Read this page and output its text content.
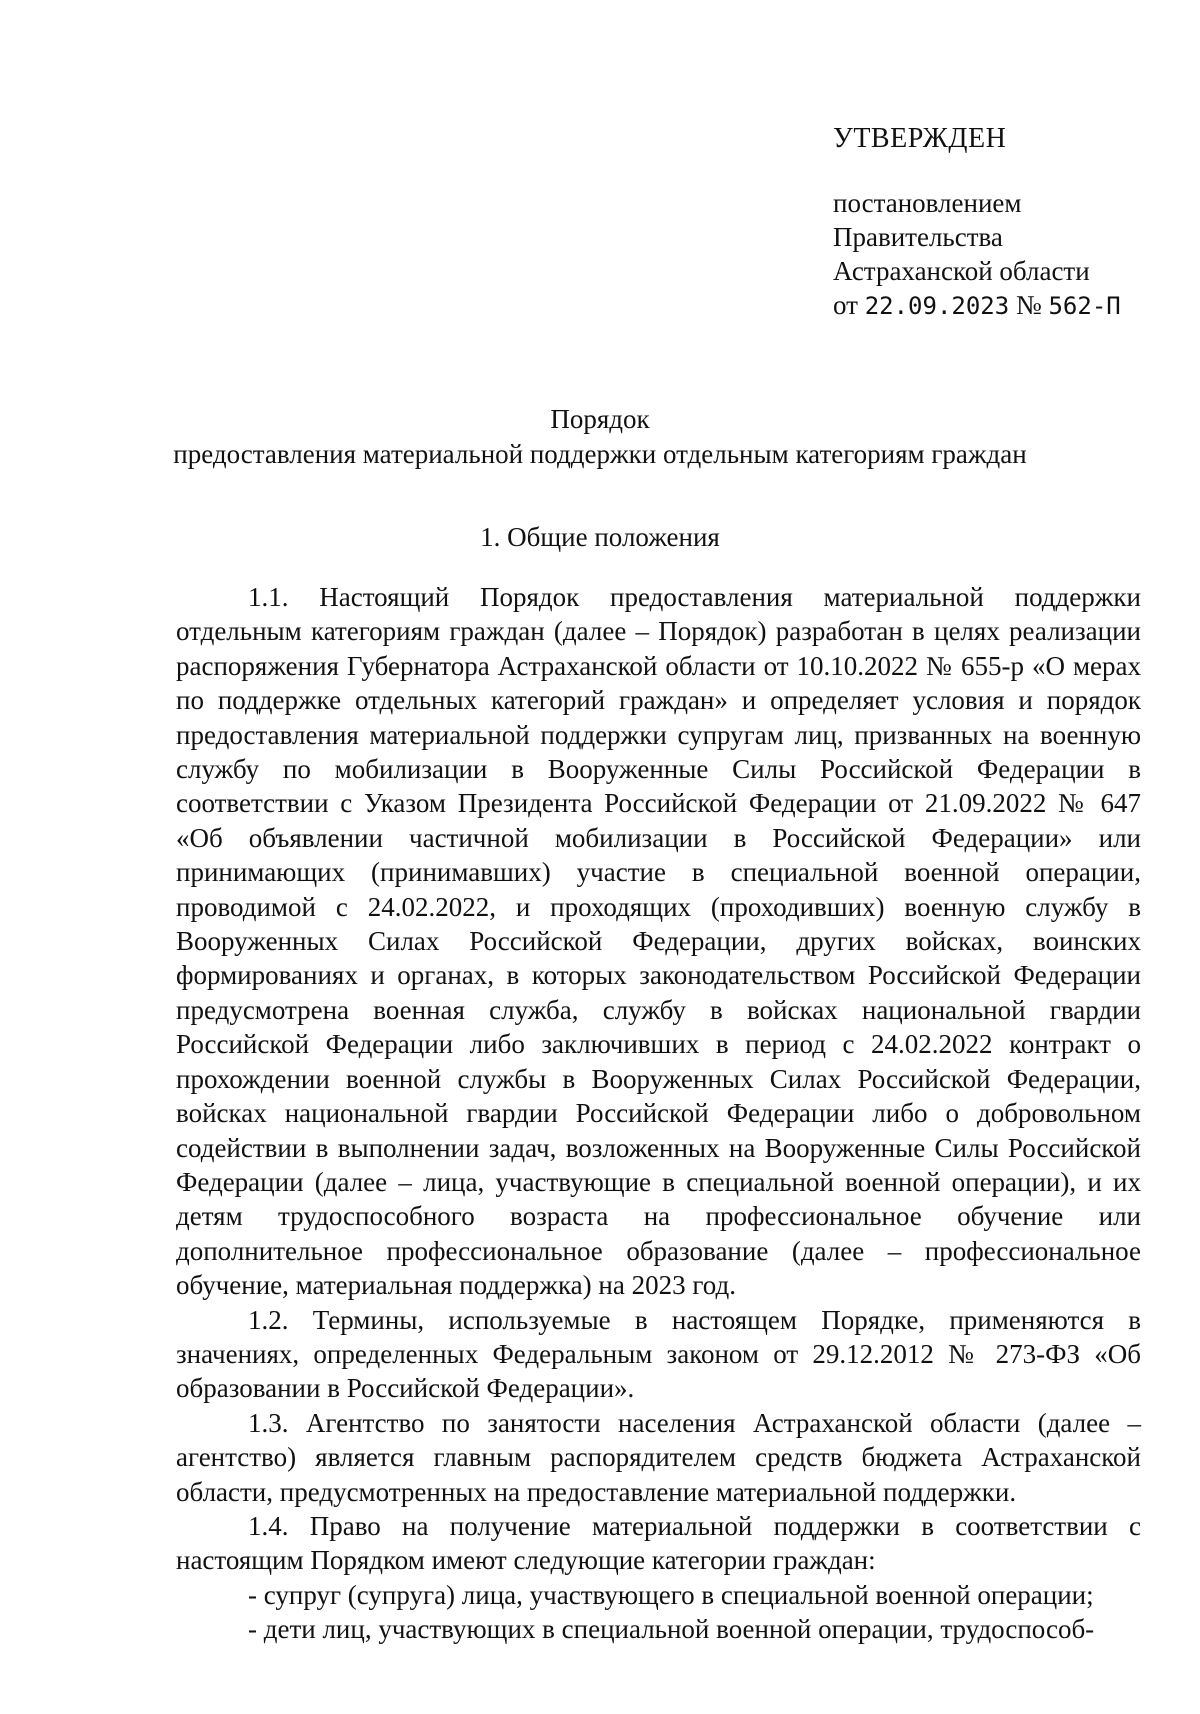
УТВЕРЖДЕН
постановлением
Правительства
Астраханской области
от 22.09.2023 № 562-П
Порядок
предоставления материальной поддержки отдельным категориям граждан
1. Общие положения

1.1. Настоящий Порядок предоставления материальной поддержки отдельным категориям граждан (далее – Порядок) разработан в целях реализации распоряжения Губернатора Астраханской области от 10.10.2022 № 655-р «О мерах по поддержке отдельных категорий граждан» и определяет условия и порядок предоставления материальной поддержки супругам лиц, призванных на военную службу по мобилизации в Вооруженные Силы Российской Федерации в соответствии с Указом Президента Российской Федерации от 21.09.2022 № 647 «Об объявлении частичной мобилизации в Российской Федерации» или принимающих (принимавших) участие в специальной военной операции, проводимой с 24.02.2022, и проходящих (проходивших) военную службу в Вооруженных Силах Российской Федерации, других войсках, воинских формированиях и органах, в которых законодательством Российской Федерации предусмотрена военная служба, службу в войсках национальной гвардии Российской Федерации либо заключивших в период с 24.02.2022 контракт о прохождении военной службы в Вооруженных Силах Российской Федерации, войсках национальной гвардии Российской Федерации либо о добровольном содействии в выполнении задач, возложенных на Вооруженные Силы Российской Федерации (далее – лица, участвующие в специальной военной операции), и их детям трудоспособного возраста на профессиональное обучение или дополнительное профессиональное образование (далее – профессиональное обучение, материальная поддержка) на 2023 год.

1.2. Термины, используемые в настоящем Порядке, применяются в значениях, определенных Федеральным законом от 29.12.2012 № 273-ФЗ «Об образовании в Российской Федерации».

1.3. Агентство по занятости населения Астраханской области (далее – агентство) является главным распорядителем средств бюджета Астраханской области, предусмотренных на предоставление материальной поддержки.

1.4. Право на получение материальной поддержки в соответствии с настоящим Порядком имеют следующие категории граждан:

- супруг (супруга) лица, участвующего в специальной военной операции;

- дети лиц, участвующих в специальной военной операции, трудоспособ-
